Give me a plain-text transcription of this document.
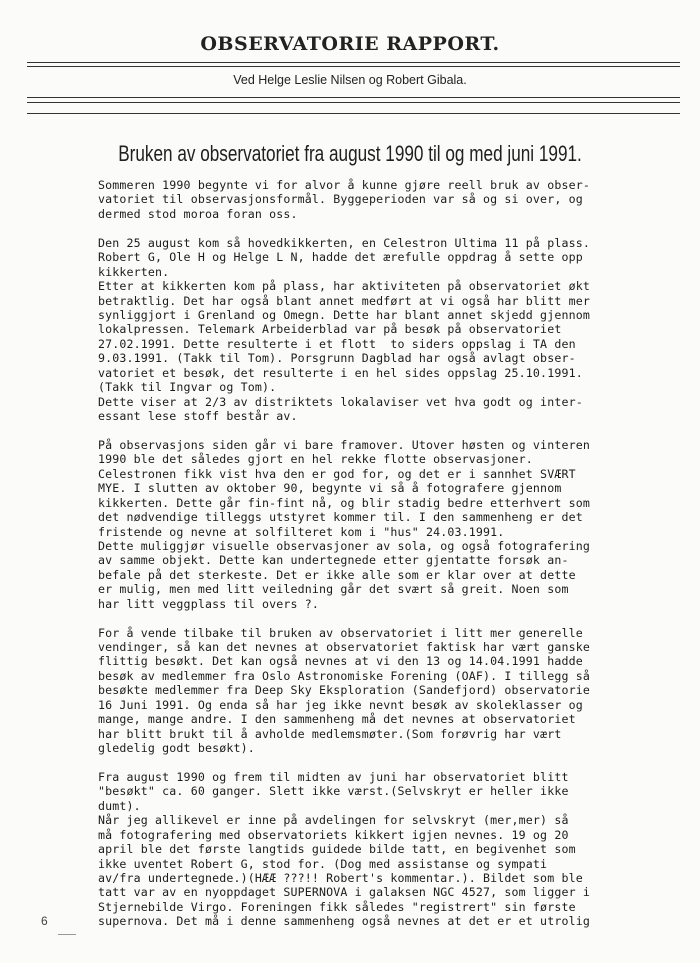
OBSERVATORIE RAPPORT.
Ved Helge Leslie Nilsen og Robert Gibala.
Bruken av observatoriet fra august 1990 til og med juni 1991.
Sommeren 1990 begynte vi for alvor å kunne gjøre reell bruk av obser-
vatoriet til observasjonsformål. Byggeperioden var så og si over, og
dermed stod moroa foran oss.
Den 25 august kom så hovedkikkerten, en Celestron Ultima 11 på plass.
Robert G, Ole H og Helge L N, hadde det ærefulle oppdrag å sette opp
kikkerten.
Etter at kikkerten kom på plass, har aktiviteten på observatoriet økt
betraktlig. Det har også blant annet medført at vi også har blitt mer
synliggjort i Grenland og Omegn. Dette har blant annet skjedd gjennom
lokalpressen. Telemark Arbeiderblad var på besøk på observatoriet
27.02.1991. Dette resulterte i et flott  to siders oppslag i TA den
9.03.1991. (Takk til Tom). Porsgrunn Dagblad har også avlagt obser-
vatoriet et besøk, det resulterte i en hel sides oppslag 25.10.1991.
(Takk til Ingvar og Tom).
Dette viser at 2/3 av distriktets lokalaviser vet hva godt og inter-
essant lese stoff består av.
På observasjons siden går vi bare framover. Utover høsten og vinteren
1990 ble det således gjort en hel rekke flotte observasjoner.
Celestronen fikk vist hva den er god for, og det er i sannhet SVÆRT
MYE. I slutten av oktober 90, begynte vi så å fotografere gjennom
kikkerten. Dette går fin-fint nå, og blir stadig bedre etterhvert som
det nødvendige tilleggs utstyret kommer til. I den sammenheng er det
fristende og nevne at solfilteret kom i "hus" 24.03.1991.
Dette muliggjør visuelle observasjoner av sola, og også fotografering
av samme objekt. Dette kan undertegnede etter gjentatte forsøk an-
befale på det sterkeste. Det er ikke alle som er klar over at dette
er mulig, men med litt veiledning går det svært så greit. Noen som
har litt veggplass til overs ?.
For å vende tilbake til bruken av observatoriet i litt mer generelle
vendinger, så kan det nevnes at observatoriet faktisk har vært ganske
flittig besøkt. Det kan også nevnes at vi den 13 og 14.04.1991 hadde
besøk av medlemmer fra Oslo Astronomiske Forening (OAF). I tillegg så
besøkte medlemmer fra Deep Sky Eksploration (Sandefjord) observatorie
16 Juni 1991. Og enda så har jeg ikke nevnt besøk av skoleklasser og
mange, mange andre. I den sammenheng må det nevnes at observatoriet
har blitt brukt til å avholde medlemsmøter.(Som forøvrig har vært
gledelig godt besøkt).
Fra august 1990 og frem til midten av juni har observatoriet blitt
"besøkt" ca. 60 ganger. Slett ikke værst.(Selvskryt er heller ikke
dumt).
Når jeg allikevel er inne på avdelingen for selvskryt (mer,mer) så
må fotografering med observatoriets kikkert igjen nevnes. 19 og 20
april ble det første langtids guidede bilde tatt, en begivenhet som
ikke uventet Robert G, stod for. (Dog med assistanse og sympati
av/fra undertegnede.)(HÆÆ ???!! Robert's kommentar.). Bildet som ble
tatt var av en nyoppdaget SUPERNOVA i galaksen NGC 4527, som ligger i
Stjernebilde Virgo. Foreningen fikk således "registrert" sin første
supernova. Det må i denne sammenheng også nevnes at det er et utrolig
6
